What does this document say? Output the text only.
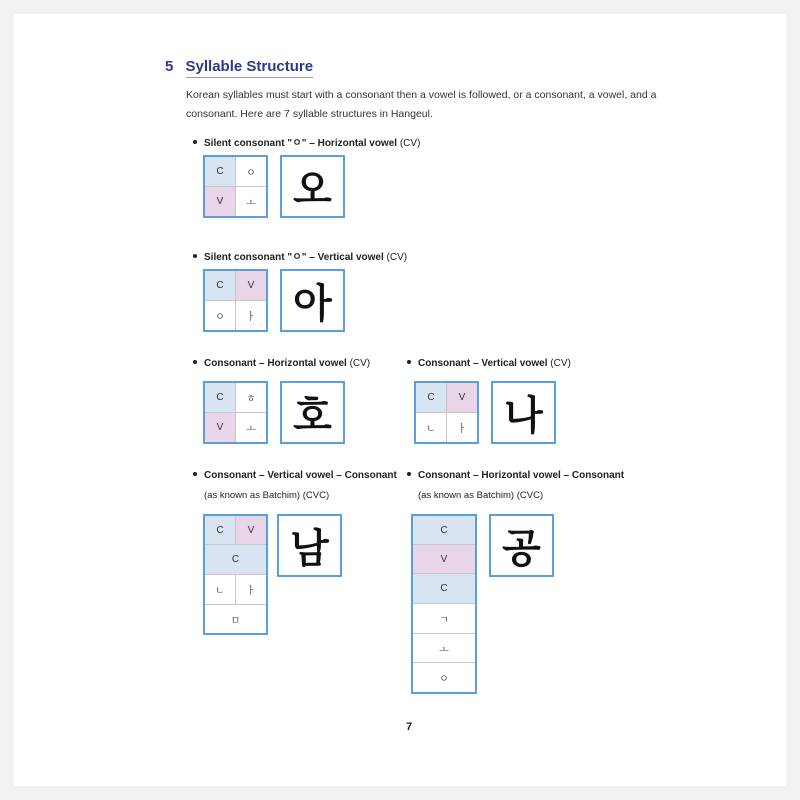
5 Syllable Structure
Korean syllables must start with a consonant then a vowel is followed, or a consonant, a vowel, and a consonant. Here are 7 syllable structures in Hangeul.
Silent consonant "ㅇ" – Horizontal vowel (CV)
C	ㅇ
V	ㅗ 오
Silent consonant "ㅇ" – Vertical vowel (CV)
C	V
ㅇ	ㅏ 아
Consonant – Horizontal vowel (CV)
C	ㅎ
V	ㅗ 호
Consonant – Vertical vowel (CV)
C	V
ㄴ	ㅏ 나
Consonant – Vertical vowel – Consonant
(as known as Batchim) (CVC)
C	V
C
ㄴ	ㅏ
ㅁ
남
Consonant – Horizontal vowel – Consonant
(as known as Batchim) (CVC)
C
V
C
ㄱ
ㅗ
ㅇ
공
7
